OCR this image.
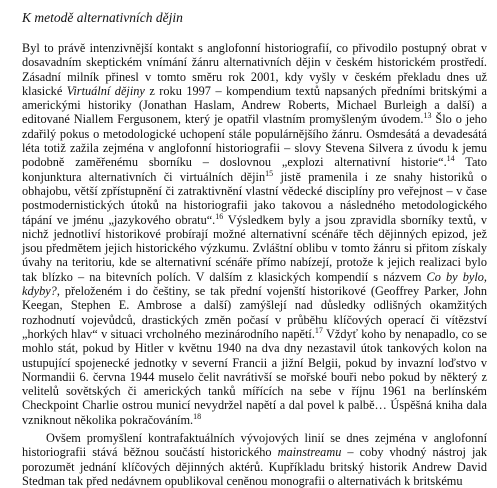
K metodě alternativních dějin

Byl to právě intenzivnější kontakt s anglofonní historiografií, co přivodilo postupný obrat v dosavadním skeptickém vnímání žánru alternativních dějin v českém historickém prostředí. Zásadní milník přinesl v tomto směru rok 2001, kdy vyšly v českém překladu dnes už klasické Virtuální dějiny z roku 1997 – kompendium textů napsaných předními britskými a americkými historiky (Jonathan Haslam, Andrew Roberts, Michael Burleigh a další) a editované Niallem Fergusonem, který je opatřil vlastním promyšleným úvodem.$^{13}$ Šlo o jeho zdařilý pokus o metodologické uchopení stále populárnějšího žánru. Osmdesátá a devadesátá léta totiž zažila zejména v anglofonní historiografii – slovy Stevena Silvera z úvodu k jemu podobně zaměřenému sborníku – doslovnou „explozi alternativní historie“.$^{14}$ Tato konjunktura alternativních či virtuálních dějin$^{15}$ jistě pramenila i ze snahy historiků o obhajobu, větší zpřístupnění či zatraktivnění vlastní vědecké disciplíny pro veřejnost – v čase postmodernistických útoků na historiografii jako takovou a následného metodologického tápání ve jménu „jazykového obratu“.$^{16}$ Výsledkem byly a jsou zpravidla sborníky textů, v nichž jednotliví historikové probírají možné alternativní scénáře těch dějinných epizod, jež jsou předmětem jejich historického výzkumu. Zvláštní oblibu v tomto žánru si přitom získaly úvahy na teritoriu, kde se alternativní scénáře přímo nabízejí, protože k jejich realizaci bylo tak blízko – na bitevních polích. V dalším z klasických kompendií s názvem Co by bylo, kdyby?, přeloženém i do češtiny, se tak přední vojenští historikové (Geoffrey Parker, John Keegan, Stephen E. Ambrose a další) zamýšlejí nad důsledky odlišných okamžitých rozhodnutí vojevůdců, drastických změn počasí v průběhu klíčových operací či vítězství „horkých hlav“ v situaci vrcholného mezinárodního napětí.$^{17}$ Vždyť koho by nenapadlo, co se mohlo stát, pokud by Hitler v květnu 1940 na dva dny nezastavil útok tankových kolon na ustupující spojenecké jednotky v severní Francii a jižní Belgii, pokud by invazní loďstvo v Normandii 6. června 1944 muselo čelit navrátivší se mořské bouři nebo pokud by některý z velitelů sovětských či amerických tanků mířících na sebe v říjnu 1961 na berlínském Checkpoint Charlie ostrou municí nevydržel napětí a dal povel k palbě… Úspěšná kniha dala vzniknout několika pokračováním.$^{18}$

Ovšem promyšlení kontrafaktuálních vývojových linií se dnes zejména v anglofonní historiografii stává běžnou součástí historického mainstreamu – coby vhodný nástroj jak porozumět jednání klíčových dějinných aktérů. Kupříkladu britský historik Andrew David Stedman tak před nedávnem opublikoval ceněnou monografii o alternativách k britskému
